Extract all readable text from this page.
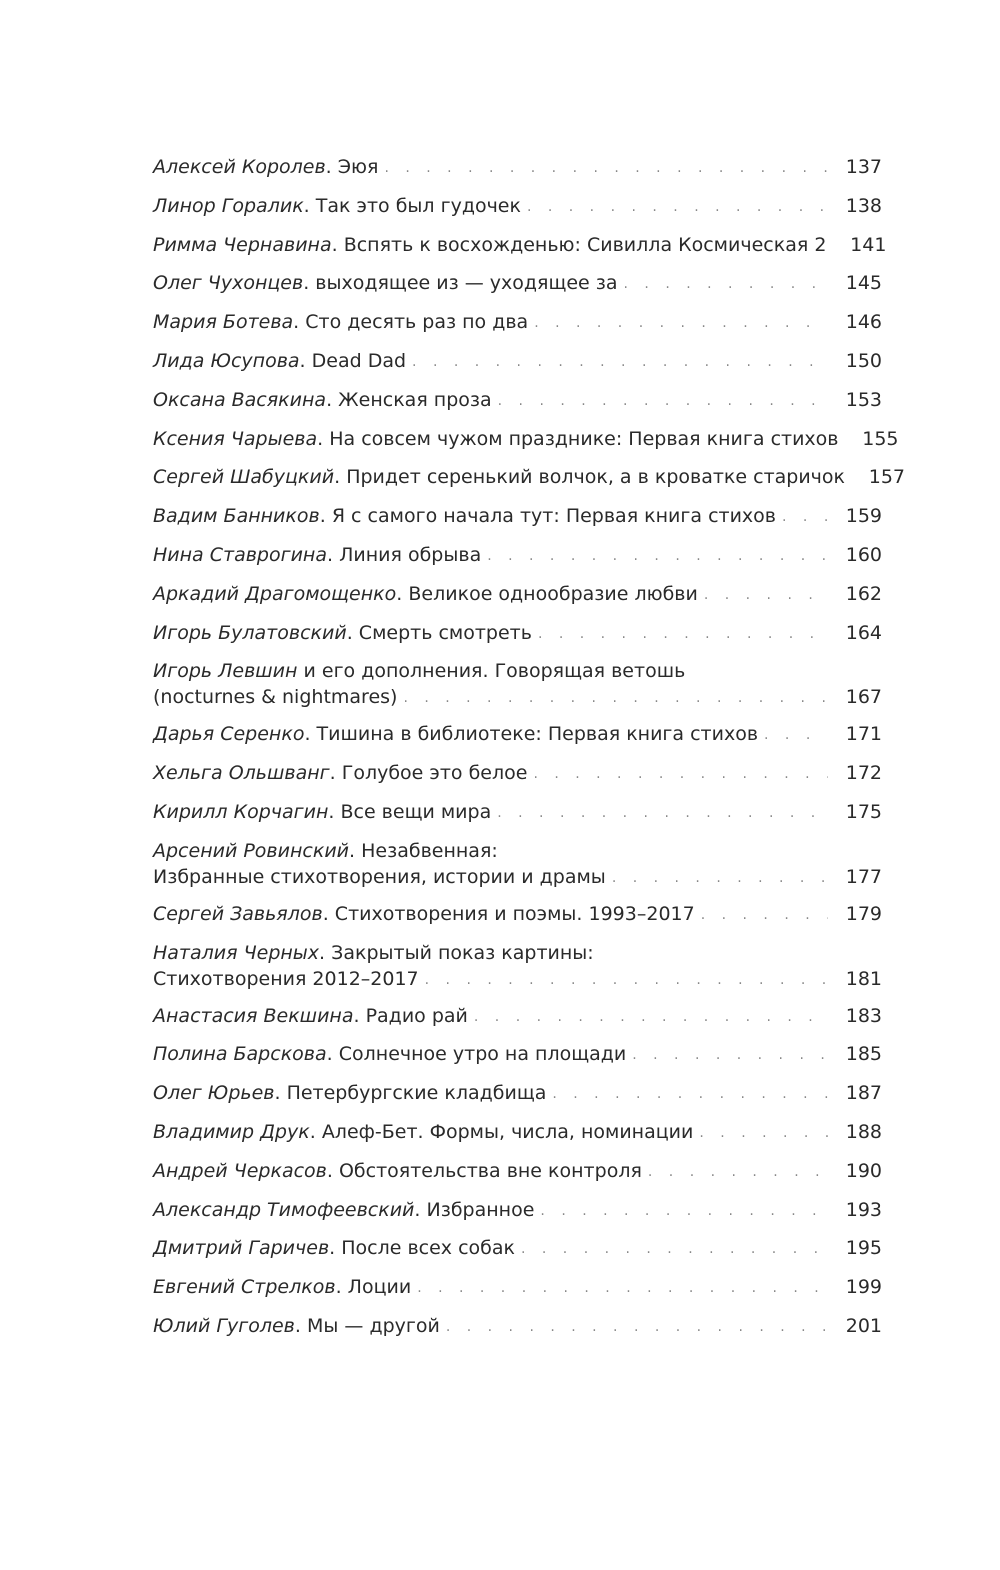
Алексей Королев. Эюя . . .	137
Линор Горалик. Так это был гудочек . . .	138
Римма Чернавина. Вспять к восхожденью: Сивилла Космическая 2 141
Олег Чухонцев. выходящее из — уходящее за . . .	145
Мария Ботева. Сто десять раз по два . . .	146
Лида Юсупова. Dead Dad . . .	150
Оксана Васякина. Женская проза . . .	153
Ксения Чарыева. На совсем чужом празднике: Первая книга стихов 155
Сергей Шабуцкий. Придет серенький волчок, а в кроватке старичок 157
Вадим Банников. Я с самого начала тут: Первая книга стихов . . .	159
Нина Ставрогина. Линия обрыва . . .	160
Аркадий Драгомощенко. Великое однообразие любви . . .	162
Игорь Булатовский. Смерть смотреть . . .	164
Игорь Левшин и его дополнения. Говорящая ветошь
(nocturnes & nightmares) . . .	167
Дарья Серенко. Тишина в библиотеке: Первая книга стихов . . .	171
Хельга Ольшванг. Голубое это белое . . .	172
Кирилл Корчагин. Все вещи мира . . .	175
Арсений Ровинский. Незабвенная:
Избранные стихотворения, истории и драмы . . .	177
Сергей Завьялов. Стихотворения и поэмы. 1993–2017 . . .	179
Наталия Черных. Закрытый показ картины:
Стихотворения 2012–2017 . . .	181
Анастасия Векшина. Радио рай . . .	183
Полина Барскова. Солнечное утро на площади . . .	185
Олег Юрьев. Петербургские кладбища . . .	187
Владимир Друк. Алеф-Бет. Формы, числа, номинации . . .	188
Андрей Черкасов. Обстоятельства вне контроля . . .	190
Александр Тимофеевский. Избранное . . .	193
Дмитрий Гаричев. После всех собак . . .	195
Евгений Стрелков. Лоции . . .	199
Юлий Гуголев. Мы — другой . . .	201
